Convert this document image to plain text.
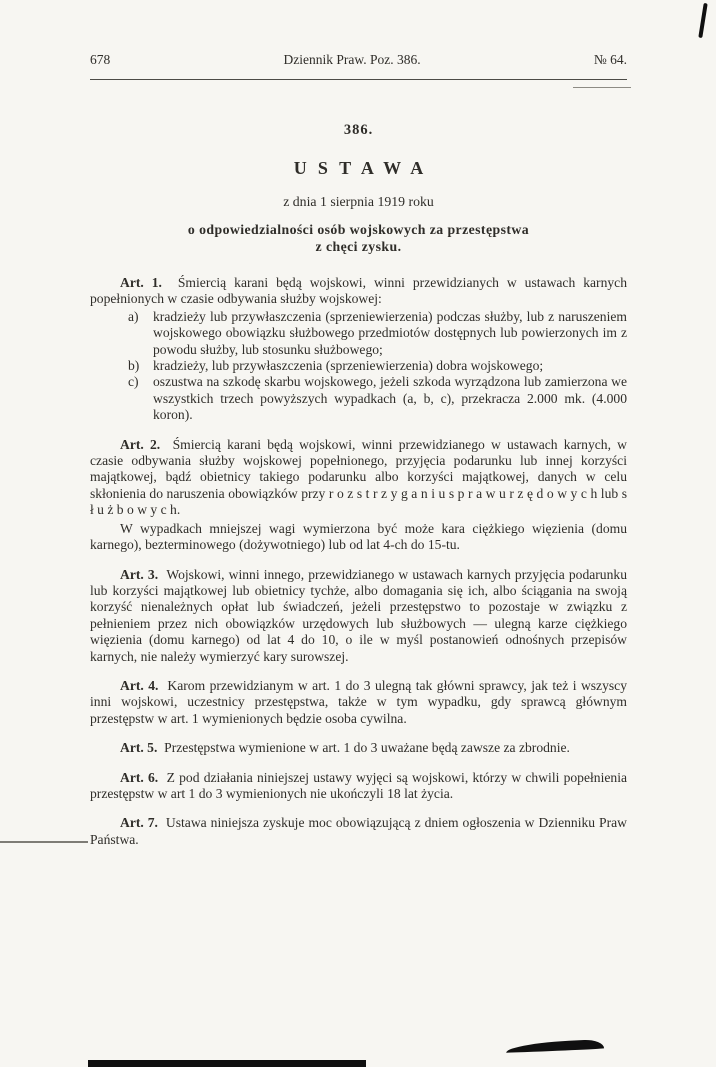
678	Dziennik Praw. Poz. 386.	№ 64.
386.
USTAWA
z dnia 1 sierpnia 1919 roku
o odpowiedzialności osób wojskowych za przestępstwa
z chęci zysku.

Art. 1. Śmiercią karani będą wojskowi, winni przewidzianych w ustawach karnych popełnionych w czasie odbywania służby wojskowej:

a) kradzieży lub przywłaszczenia (sprzeniewierzenia) podczas służby, lub z naruszeniem wojskowego obowiązku służbowego przedmiotów dostępnych lub powierzonych im z powodu służby, lub stosunku służbowego;
b) kradzieży, lub przywłaszczenia (sprzeniewierzenia) dobra wojskowego;
c) oszustwa na szkodę skarbu wojskowego, jeżeli szkoda wyrządzona lub zamierzona we wszystkich trzech powyższych wypadkach (a, b, c), przekracza 2.000 mk. (4.000 koron).

Art. 2. Śmiercią karani będą wojskowi, winni przewidzianego w ustawach karnych, w czasie odbywania służby wojskowej popełnionego, przyjęcia podarunku lub innej korzyści majątkowej, bądź obietnicy takiego podarunku albo korzyści majątkowej, danych w celu skłonienia do naruszenia obowiązków przy r o z s t r z y g a n i u s p r a w u r z ę d o w y c h lub s ł u ż b o w y c h.

W wypadkach mniejszej wagi wymierzona być może kara ciężkiego więzienia (domu karnego), bezterminowego (dożywotniego) lub od lat 4-ch do 15-tu.

Art. 3. Wojskowi, winni innego, przewidzianego w ustawach karnych przyjęcia podarunku lub korzyści majątkowej lub obietnicy tychże, albo domagania się ich, albo ściągania na swoją korzyść nienależnych opłat lub świadczeń, jeżeli przestępstwo to pozostaje w związku z pełnieniem przez nich obowiązków urzędowych lub służbowych — ulegną karze ciężkiego więzienia (domu karnego) od lat 4 do 10, o ile w myśl postanowień odnośnych przepisów karnych, nie należy wymierzyć kary surowszej.

Art. 4. Karom przewidzianym w art. 1 do 3 ulegną tak główni sprawcy, jak też i wszyscy inni wojskowi, uczestnicy przestępstwa, także w tym wypadku, gdy sprawcą głównym przestępstw w art. 1 wymienionych będzie osoba cywilna.

Art. 5. Przestępstwa wymienione w art. 1 do 3 uważane będą zawsze za zbrodnie.

Art. 6. Z pod działania niniejszej ustawy wyjęci są wojskowi, którzy w chwili popełnienia przestępstw w art 1 do 3 wymienionych nie ukończyli 18 lat życia.

Art. 7. Ustawa niniejsza zyskuje moc obowiązującą z dniem ogłoszenia w Dzienniku Praw Państwa.
